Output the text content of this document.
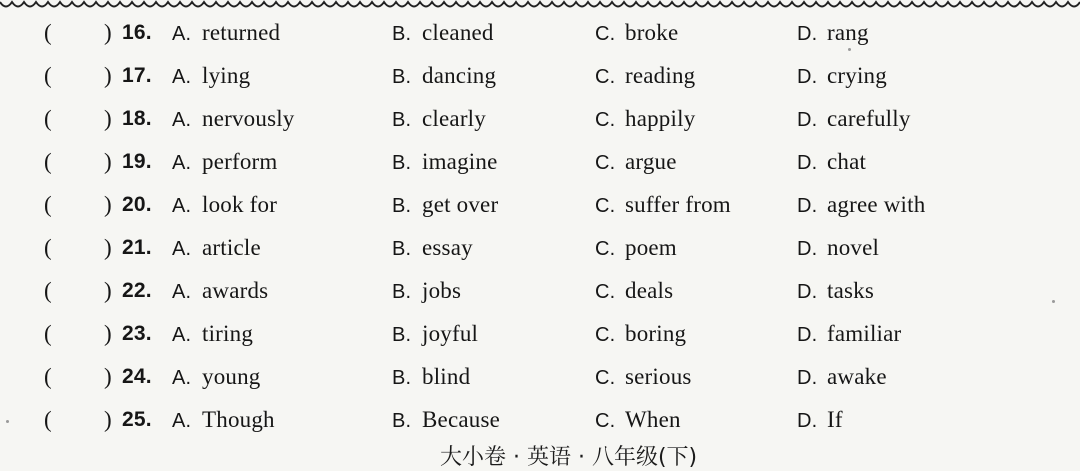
( ) 16. A. returned	B. cleaned	C. broke	D. rang
( ) 17. A. lying	B. dancing	C. reading	D. crying
( ) 18. A. nervously	B. clearly	C. happily	D. carefully
( ) 19. A. perform	B. imagine	C. argue	D. chat
( ) 20. A. look for	B. get over	C. suffer from	D. agree with
( ) 21. A. article	B. essay	C. poem	D. novel
( ) 22. A. awards	B. jobs	C. deals	D. tasks
( ) 23. A. tiring	B. joyful	C. boring	D. familiar
( ) 24. A. young	B. blind	C. serious	D. awake
( ) 25. A. Though	B. Because	C. When	D. If
大小卷 · 英语 · 八年级(下)
